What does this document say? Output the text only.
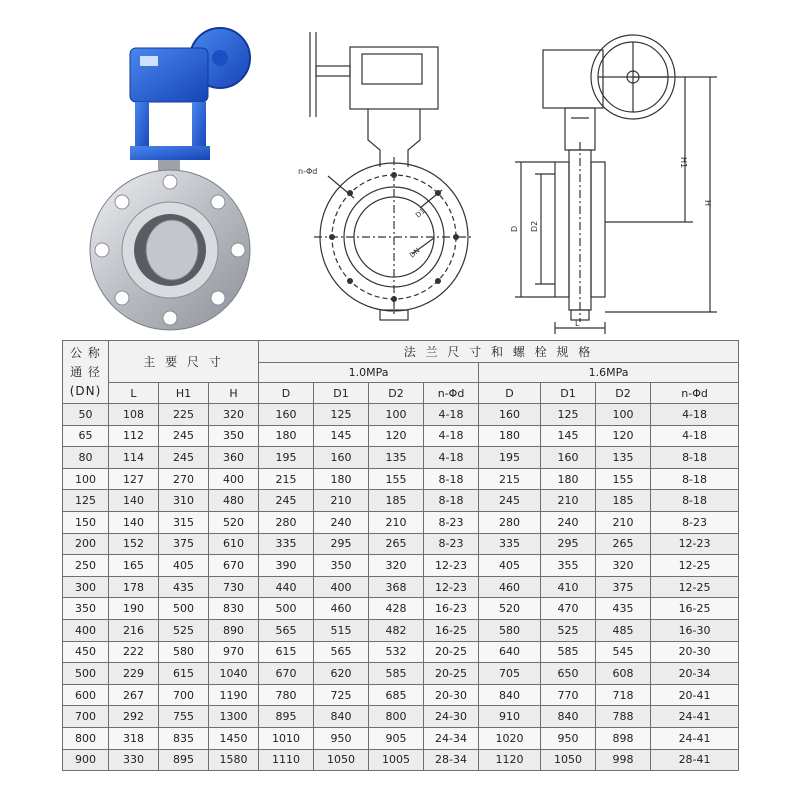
n-Φd
D1
DN
H1
H
D D2
L
公 称
通 径
(DN)	主 要 尺 寸			法 兰 尺 寸 和 螺 栓 规 格							
				1.0MPa				1.6MPa			
	L	H1	H	D	D1	D2	n-Φd	D	D1	D2	n-Φd
50	108	225	320	160	125	100	4-18	160	125	100	4-18
65	112	245	350	180	145	120	4-18	180	145	120	4-18
80	114	245	360	195	160	135	4-18	195	160	135	8-18
100	127	270	400	215	180	155	8-18	215	180	155	8-18
125	140	310	480	245	210	185	8-18	245	210	185	8-18
150	140	315	520	280	240	210	8-23	280	240	210	8-23
200	152	375	610	335	295	265	8-23	335	295	265	12-23
250	165	405	670	390	350	320	12-23	405	355	320	12-25
300	178	435	730	440	400	368	12-23	460	410	375	12-25
350	190	500	830	500	460	428	16-23	520	470	435	16-25
400	216	525	890	565	515	482	16-25	580	525	485	16-30
450	222	580	970	615	565	532	20-25	640	585	545	20-30
500	229	615	1040	670	620	585	20-25	705	650	608	20-34
600	267	700	1190	780	725	685	20-30	840	770	718	20-41
700	292	755	1300	895	840	800	24-30	910	840	788	24-41
800	318	835	1450	1010	950	905	24-34	1020	950	898	24-41
900	330	895	1580	1110	1050	1005	28-34	1120	1050	998	28-41
